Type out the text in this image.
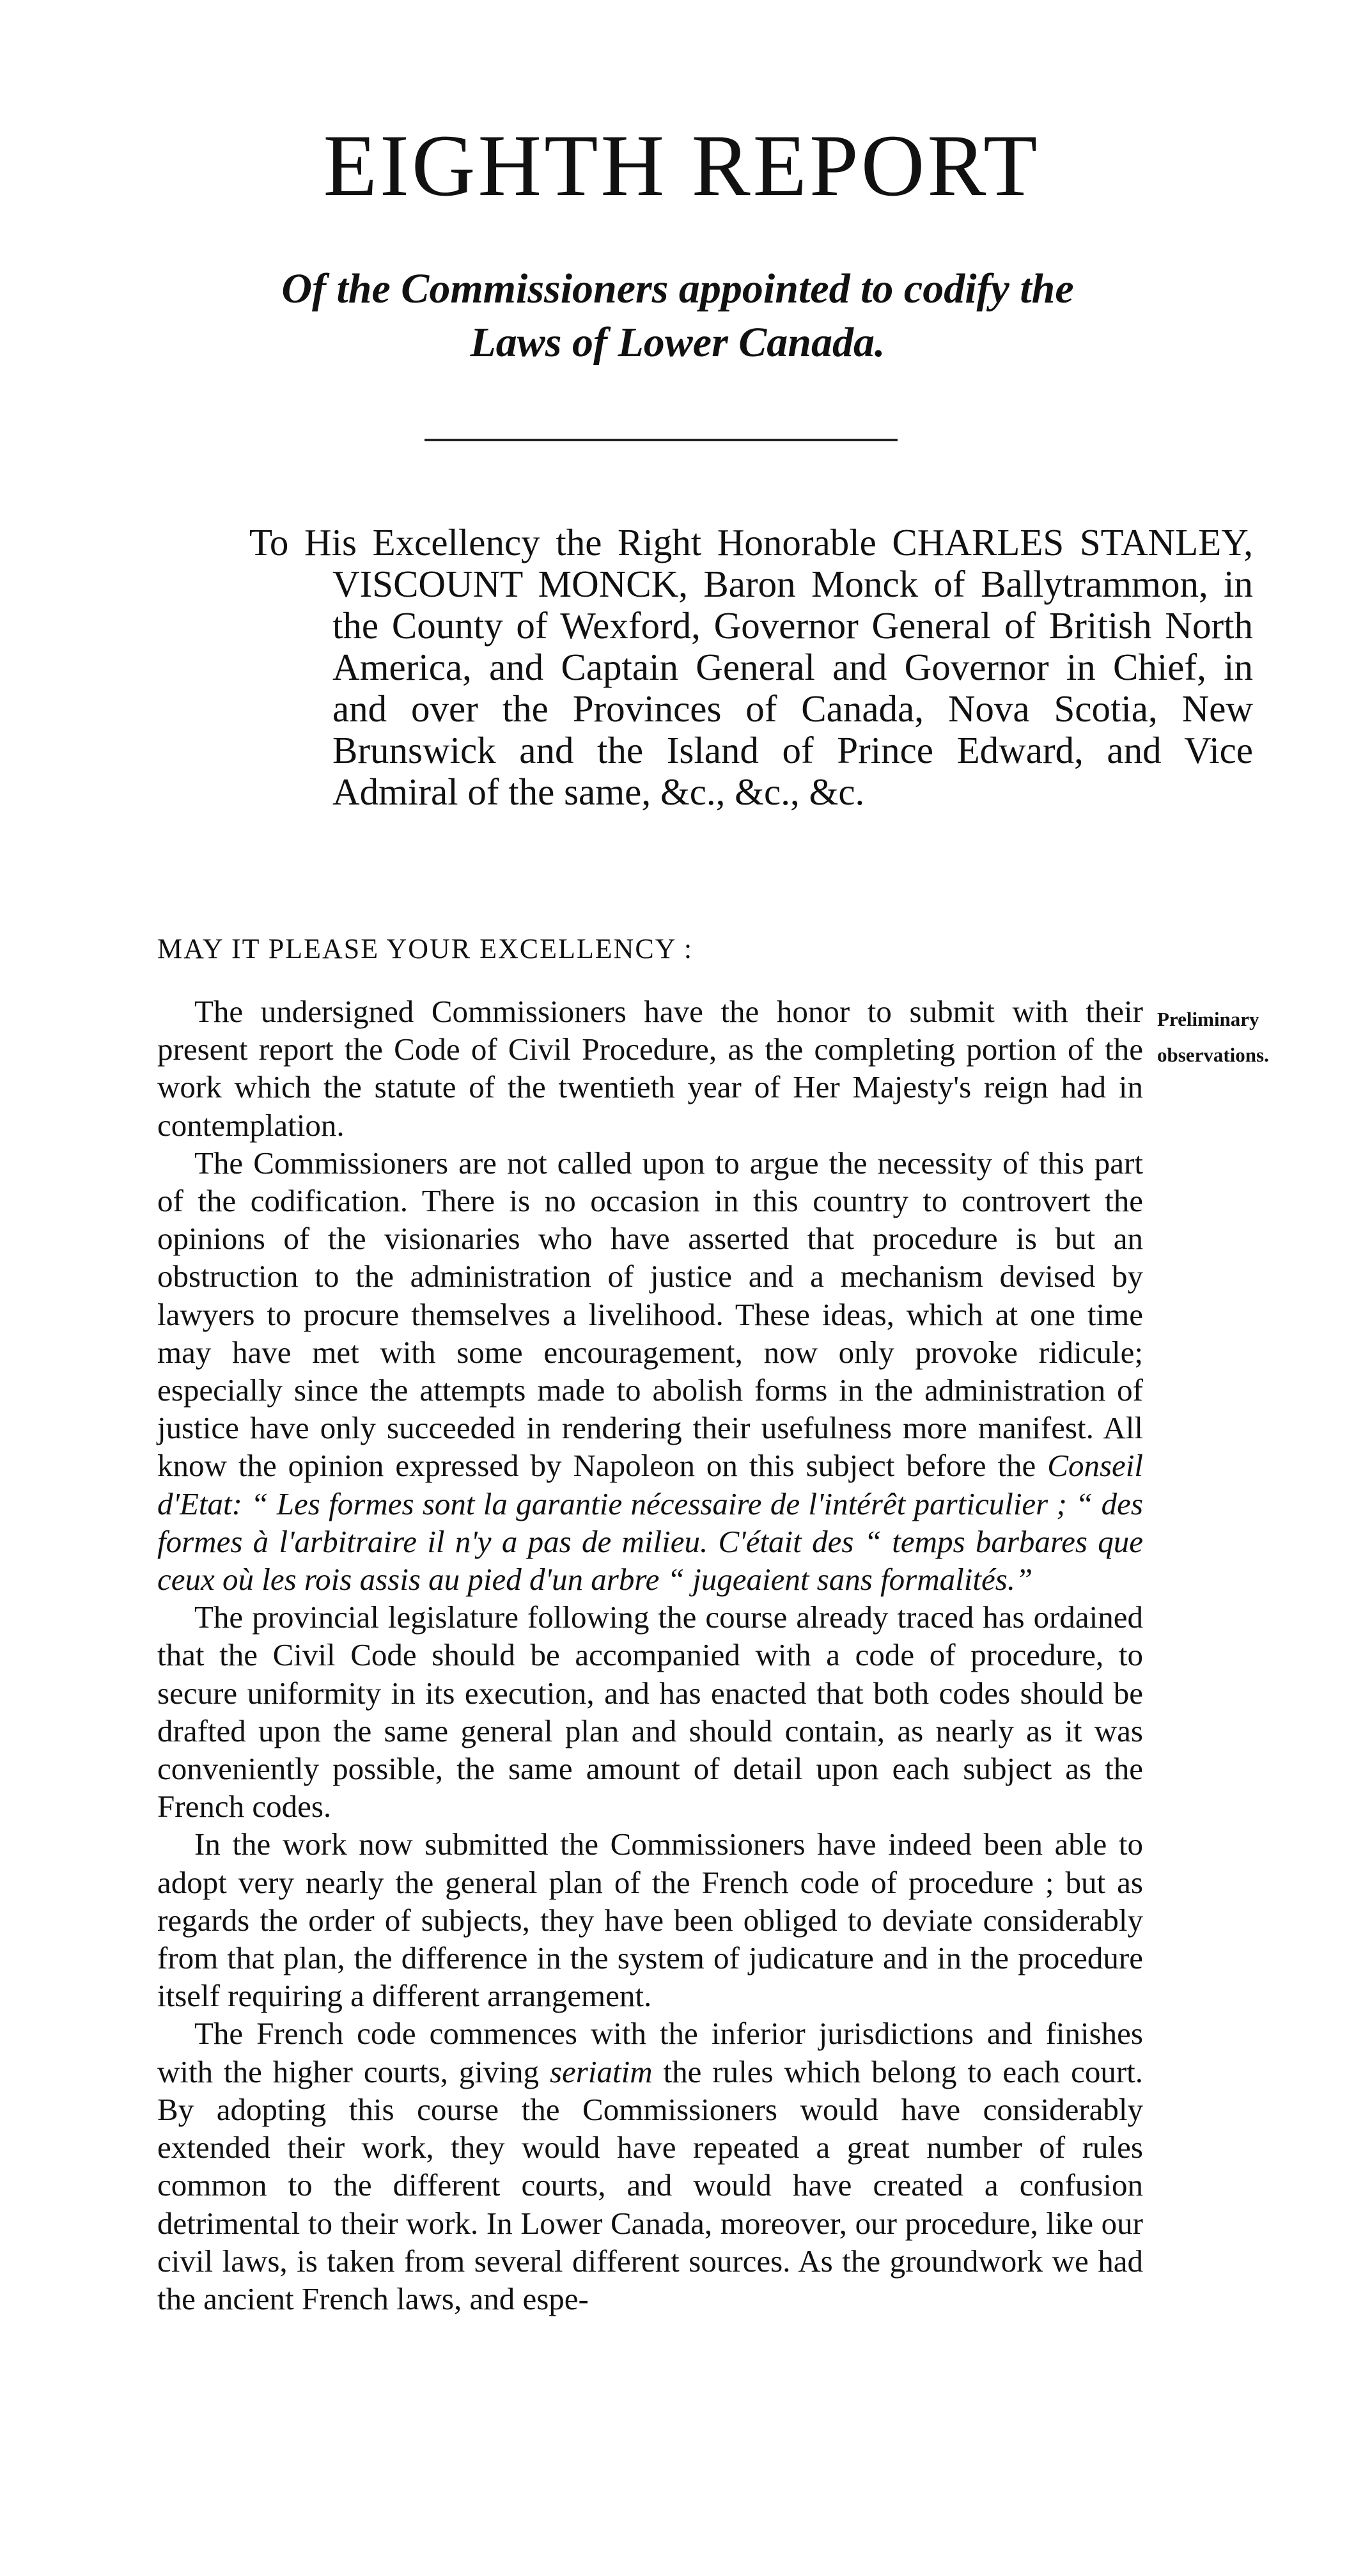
EIGHTH REPORT
Of the Commissioners appointed to codify the
Laws of Lower Canada.

To His Excellency the Right Honorable CHARLES STANLEY, VISCOUNT MONCK, Baron Monck of Ballytrammon, in the County of Wexford, Governor General of British North America, and Captain General and Governor in Chief, in and over the Provinces of Canada, Nova Scotia, New Brunswick and the Island of Prince Edward, and Vice Admiral of the same, &c., &c., &c.

MAY IT PLEASE YOUR EXCELLENCY :

Preliminary
observations.

The undersigned Commissioners have the honor to submit with their present report the Code of Civil Procedure, as the completing portion of the work which the statute of the twentieth year of Her Majesty's reign had in contemplation.

The Commissioners are not called upon to argue the necessity of this part of the codification. There is no occasion in this country to controvert the opinions of the visionaries who have asserted that procedure is but an obstruction to the administration of justice and a mechanism devised by lawyers to procure themselves a livelihood. These ideas, which at one time may have met with some encouragement, now only provoke ridicule; especially since the attempts made to abolish forms in the administration of justice have only succeeded in rendering their usefulness more manifest. All know the opinion expressed by Napoleon on this subject before the Conseil d'Etat: “ Les formes sont la garantie nécessaire de l'intérêt particulier ; “ des formes à l'arbitraire il n'y a pas de milieu. C'était des “ temps barbares que ceux où les rois assis au pied d'un arbre “ jugeaient sans formalités.”

The provincial legislature following the course already traced has ordained that the Civil Code should be accompanied with a code of procedure, to secure uniformity in its execution, and has enacted that both codes should be drafted upon the same general plan and should contain, as nearly as it was conveniently possible, the same amount of detail upon each subject as the French codes.

In the work now submitted the Commissioners have indeed been able to adopt very nearly the general plan of the French code of procedure ; but as regards the order of subjects, they have been obliged to deviate considerably from that plan, the difference in the system of judicature and in the procedure itself requiring a different arrangement.

The French code commences with the inferior jurisdictions and finishes with the higher courts, giving seriatim the rules which belong to each court. By adopting this course the Commissioners would have considerably extended their work, they would have repeated a great number of rules common to the different courts, and would have created a confusion detrimental to their work. In Lower Canada, moreover, our procedure, like our civil laws, is taken from several different sources. As the groundwork we had the ancient French laws, and espe-
